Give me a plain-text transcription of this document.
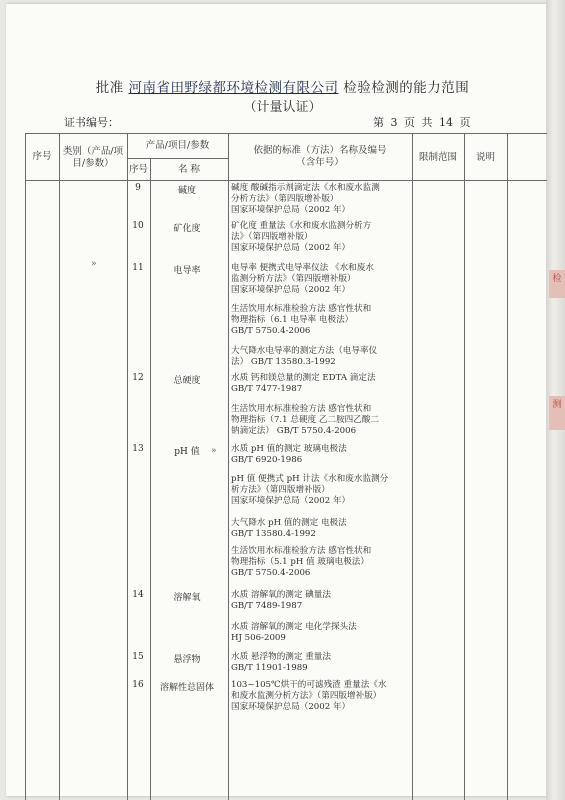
检
测
批准 河南省田野绿都环境检测有限公司 检验检测的能力范围
（计量认证）
证书编号：	第 3 页 共 14 页
序号	类别（产品/项目/参数）
产品/项目/参数
序号	名 称
依据的标准（方法）名称及编号（含年号）	限制范围	说明
9	碱度	碱度 酸碱指示剂滴定法《水和废水监测
分析方法》（第四版增补版）
国家环境保护总局（2002 年）
10	矿化度	矿化度 重量法《水和废水监测分析方
法》（第四版增补版）
国家环境保护总局（2002 年）
11	电导率	电导率 便携式电导率仪法 《水和废水
监测分析方法》（第四版增补版）
国家环境保护总局（2002 年）
生活饮用水标准检验方法 感官性状和
物理指标（6.1 电导率 电极法）
GB/T 5750.4-2006
大气降水电导率的测定方法（电导率仪
法） GB/T 13580.3-1992
12	总硬度	水质 钙和镁总量的测定 EDTA 滴定法
GB/T 7477-1987
生活饮用水标准检验方法 感官性状和
物理指标（7.1 总硬度 乙二胺四乙酸二
钠滴定法） GB/T 5750.4-2006
13	pH 值	水质 pH 值的测定 玻璃电极法
GB/T 6920-1986
pH 值 便携式 pH 计法《水和废水监测分
析方法》（第四版增补版）
国家环境保护总局（2002 年）
大气降水 pH 值的测定 电极法
GB/T 13580.4-1992
生活饮用水标准检验方法 感官性状和
物理指标（5.1 pH 值 玻璃电极法）
GB/T 5750.4-2006
14	溶解氧	水质 溶解氧的测定 碘量法
GB/T 7489-1987
水质 溶解氧的测定 电化学探头法
HJ 506-2009
15	悬浮物	水质 悬浮物的测定 重量法
GB/T 11901-1989
16	溶解性总固体	103~105℃烘干的可滤残渣 重量法《水
和废水监测分析方法》（第四版增补版）
国家环境保护总局（2002 年）
»
»
